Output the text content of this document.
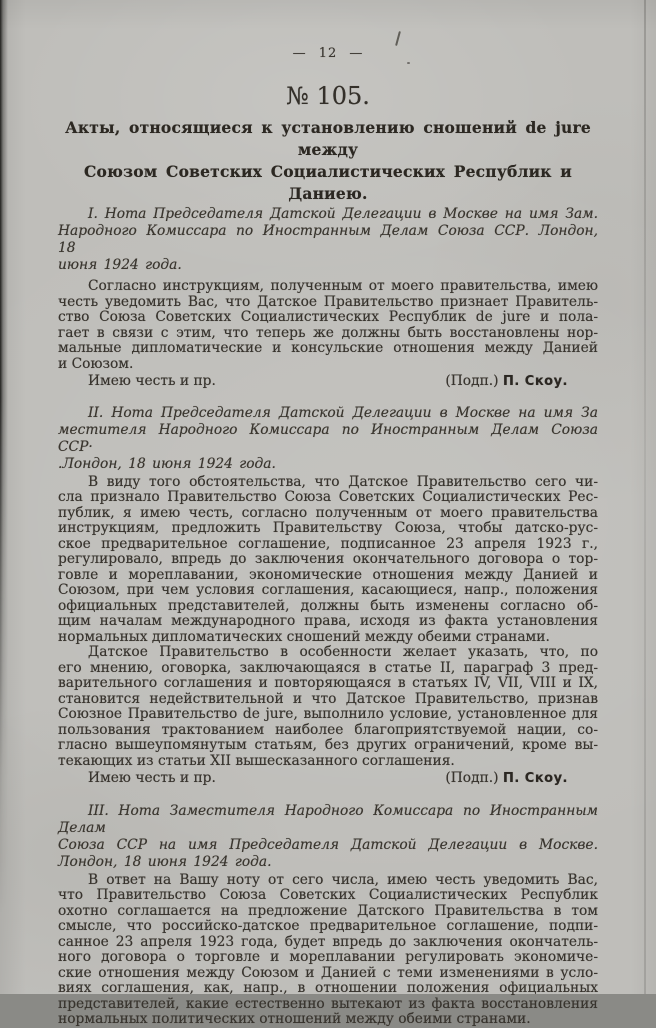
— 12 —
№ 105.
Акты, относящиеся к установлению сношений de jure между
Союзом Советских Социалистических Республик и Даниею.
I. Нота Председателя Датской Делегации в Москве на имя Зам.
Народного Комиссара по Иностранным Делам Союза ССР. Лондон, 18
июня 1924 года.
Согласно инструкциям, полученным от моего правительства, имею
честь уведомить Вас, что Датское Правительство признает Правитель-
ство Союза Советских Социалистических Республик de jure и пола-
гает в связи с этим, что теперь же должны быть восстановлены нор-
мальные дипломатические и консульские отношения между Данией
и Союзом.
Имею честь и пр.	(Подп.) П. Скоу.
II. Нота Председателя Датской Делегации в Москве на имя За
местителя Народного Комиссара по Иностранным Делам Союза ССР·
.Лондон, 18 июня 1924 года.
В виду того обстоятельства, что Датское Правительство сего чи-
сла признало Правительство Союза Советских Социалистических Рес-
публик, я имею честь, согласно полученным от моего правительства
инструкциям, предложить Правительству Союза, чтобы датско-рус-
ское предварительное соглашение, подписанное 23 апреля 1923 г.,
регулировало, впредь до заключения окончательного договора о тор-
говле и мореплавании, экономические отношения между Данией и
Союзом, при чем условия соглашения, касающиеся, напр., положения
официальных представителей, должны быть изменены согласно об-
щим началам международного права, исходя из факта установления
нормальных дипломатических сношений между обеими странами.
Датское Правительство в особенности желает указать, что, по
его мнению, оговорка, заключающаяся в статье II, параграф 3 пред-
варительного соглашения и повторяющаяся в статьях IV, VII, VIII и IX,
становится недействительной и что Датское Правительство, признав
Союзное Правительство de jure, выполнило условие, установленное для
пользования трактованием наиболее благоприятствуемой нации, со-
гласно вышеупомянутым статьям, без других ограничений, кроме вы-
текающих из статьи XII вышесказанного соглашения.
Имею честь и пр.	(Подп.) П. Скоу.
III. Нота Заместителя Народного Комиссара по Иностранным Делам
Союза ССР на имя Председателя Датской Делегации в Москве.
Лондон, 18 июня 1924 года.
В ответ на Вашу ноту от сего числа, имею честь уведомить Вас,
что Правительство Союза Советских Социалистических Республик
охотно соглашается на предложение Датского Правительства в том
смысле, что российско-датское предварительное соглашение, подпи-
санное 23 апреля 1923 года, будет впредь до заключения окончатель-
ного договора о торговле и мореплавании регулировать экономиче-
ские отношения между Союзом и Данией с теми изменениями в усло-
виях соглашения, как, напр., в отношении положения официальных
представителей, какие естественно вытекают из факта восстановления
нормальных политических отношений между обеими странами.
